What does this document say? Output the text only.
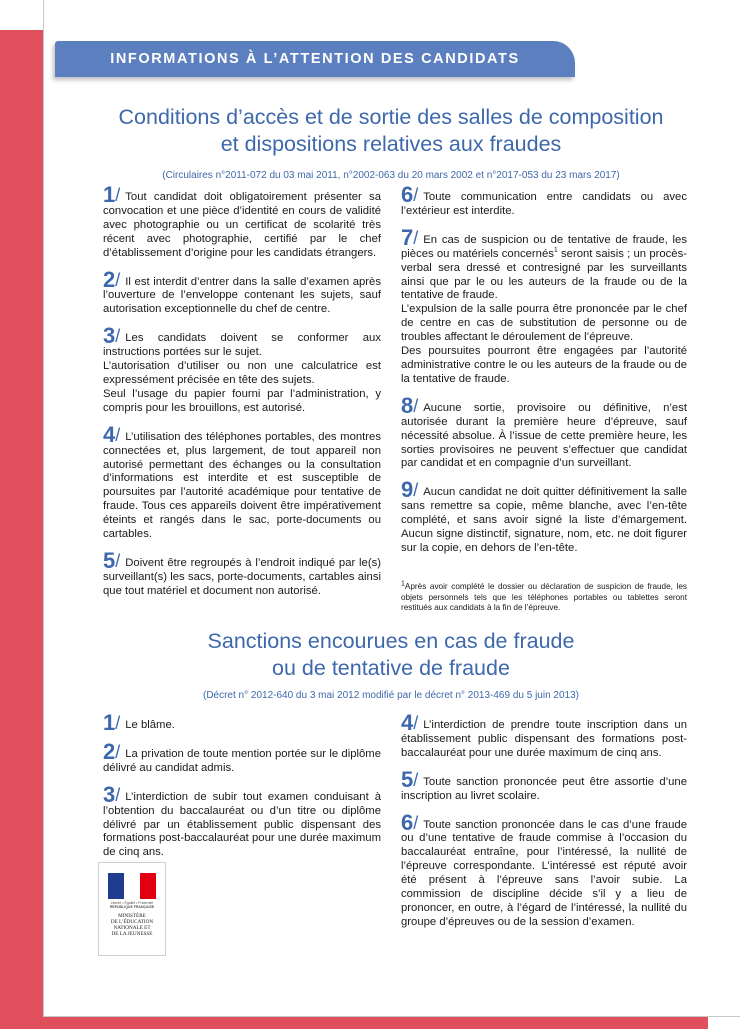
INFORMATIONS À L’ATTENTION DES CANDIDATS
Conditions d’accès et de sortie des salles de composition
et dispositions relatives aux fraudes
(Circulaires n°2011-072 du 03 mai 2011, n°2002-063 du 20 mars 2002 et n°2017-053 du 23 mars 2017)
1/ Tout candidat doit obligatoirement présenter sa convocation et une pièce d’identité en cours de validité avec photographie ou un certificat de scolarité très récent avec photographie, certifié par le chef d’établissement d’origine pour les candidats étrangers.
2/ Il est interdit d’entrer dans la salle d’examen après l’ouverture de l’enveloppe contenant les sujets, sauf autorisation exceptionnelle du chef de centre.
3/ Les candidats doivent se conformer aux instructions portées sur le sujet.
L’autorisation d’utiliser ou non une calculatrice est expressément précisée en tête des sujets.
Seul l’usage du papier fourni par l’administration, y compris pour les brouillons, est autorisé.
4/ L’utilisation des téléphones portables, des montres connectées et, plus largement, de tout appareil non autorisé permettant des échanges ou la consultation d’informations est interdite et est susceptible de poursuites par l’autorité académique pour tentative de fraude. Tous ces appareils doivent être impérativement éteints et rangés dans le sac, porte-documents ou cartables.
5/ Doivent être regroupés à l’endroit indiqué par le(s) surveillant(s) les sacs, porte-documents, cartables ainsi que tout matériel et document non autorisé.
6/ Toute communication entre candidats ou avec l’extérieur est interdite.
7/ En cas de suspicion ou de tentative de fraude, les pièces ou matériels concernés$^1$ seront saisis ; un procès-verbal sera dressé et contresigné par les surveillants ainsi que par le ou les auteurs de la fraude ou de la tentative de fraude.
L’expulsion de la salle pourra être prononcée par le chef de centre en cas de substitution de personne ou de troubles affectant le déroulement de l’épreuve.
Des poursuites pourront être engagées par l’autorité administrative contre le ou les auteurs de la fraude ou de la tentative de fraude.
8/ Aucune sortie, provisoire ou définitive, n’est autorisée durant la première heure d’épreuve, sauf nécessité absolue. À l’issue de cette première heure, les sorties provisoires ne peuvent s’effectuer que candidat par candidat et en compagnie d’un surveillant.
9/ Aucun candidat ne doit quitter définitivement la salle sans remettre sa copie, même blanche, avec l’en-tête complété, et sans avoir signé la liste d’émargement. Aucun signe distinctif, signature, nom, etc. ne doit figurer sur la copie, en dehors de l’en-tête.
$^1$Après avoir complété le dossier ou déclaration de suspicion de fraude, les objets personnels tels que les téléphones portables ou tablettes seront restitués aux candidats à la fin de l’épreuve.
Sanctions encourues en cas de fraude
ou de tentative de fraude
(Décret n° 2012-640 du 3 mai 2012 modifié par le décret n° 2013-469 du 5 juin 2013)
1/ Le blâme.
2/ La privation de toute mention portée sur le diplôme délivré au candidat admis.
3/ L’interdiction de subir tout examen conduisant à l’obtention du baccalauréat ou d’un titre ou diplôme délivré par un établissement public dispensant des formations post-baccalauréat pour une durée maximum de cinq ans.
4/ L’interdiction de prendre toute inscription dans un établissement public dispensant des formations post-baccalauréat pour une durée maximum de cinq ans.
5/ Toute sanction prononcée peut être assortie d’une inscription au livret scolaire.
6/ Toute sanction prononcée dans le cas d’une fraude ou d’une tentative de fraude commise à l’occasion du baccalauréat entraîne, pour l’intéressé, la nullité de l’épreuve correspondante. L’intéressé est réputé avoir été présent à l’épreuve sans l’avoir subie. La commission de discipline décide s’il y a lieu de prononcer, en outre, à l’égard de l’intéressé, la nullité du groupe d’épreuves ou de la session d’examen.
Liberté • Égalité • Fraternité
RÉPUBLIQUE FRANÇAISE
MINISTÈRE
DE L’ÉDUCATION
NATIONALE ET
DE LA JEUNESSE
